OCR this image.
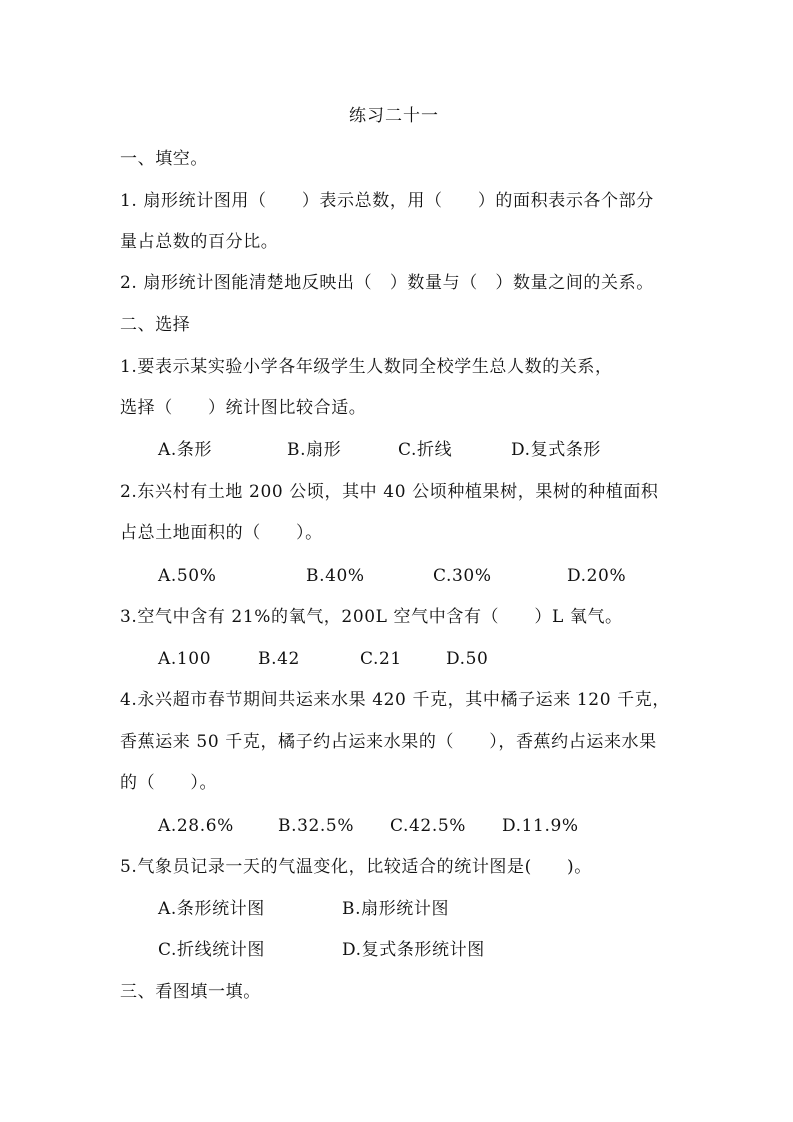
练习二十一
一、填空。
1. 扇形统计图用（　　）表示总数，用（　　）的面积表示各个部分
量占总数的百分比。
2. 扇形统计图能清楚地反映出（　）数量与（　）数量之间的关系。
二、选择
1.要表示某实验小学各年级学生人数同全校学生总人数的关系，
选择（　　）统计图比较合适。
A.条形	B.扇形	C.折线	D.复式条形
2.东兴村有土地 200 公顷，其中 40 公顷种植果树，果树的种植面积
占总土地面积的（　　）。
A.50%	B.40%	C.30%	D.20%
3.空气中含有 21%的氧气，200L 空气中含有（　　）L 氧气。
A.100	B.42	C.21	D.50
4.永兴超市春节期间共运来水果 420 千克，其中橘子运来 120 千克，
香蕉运来 50 千克，橘子约占运来水果的（　　），香蕉约占运来水果
的（　　）。
A.28.6%	B.32.5% C.42.5% D.11.9%
5.气象员记录一天的气温变化，比较适合的统计图是(　　)。
A.条形统计图	B.扇形统计图
C.折线统计图	D.复式条形统计图
三、看图填一填。
